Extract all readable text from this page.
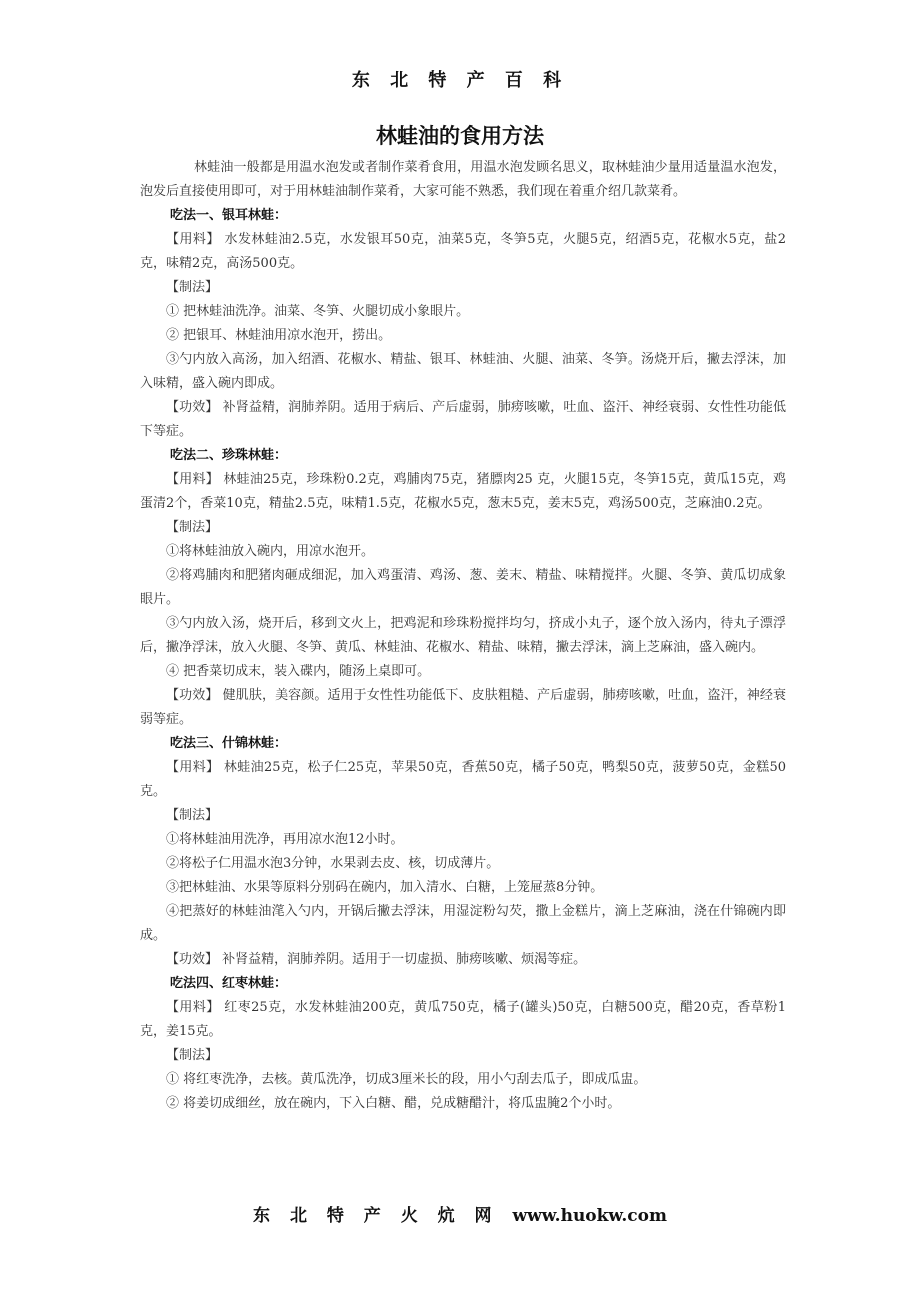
东 北 特 产 百 科
林蛙油的食用方法

林蛙油一般都是用温水泡发或者制作菜肴食用，用温水泡发顾名思义，取林蛙油少量用适量温水泡发，泡发后直接使用即可，对于用林蛙油制作菜肴，大家可能不熟悉，我们现在着重介绍几款菜肴。

吃法一、银耳林蛙：

【用料】 水发林蛙油2.5克，水发银耳50克，油菜5克，冬笋5克，火腿5克，绍酒5克，花椒水5克，盐2克，味精2克，高汤500克。

【制法】

① 把林蛙油洗净。油菜、冬笋、火腿切成小象眼片。

② 把银耳、林蛙油用凉水泡开，捞出。

③勺内放入高汤，加入绍酒、花椒水、精盐、银耳、林蛙油、火腿、油菜、冬笋。汤烧开后，撇去浮沫，加入味精，盛入碗内即成。

【功效】 补肾益精，润肺养阴。适用于病后、产后虚弱，肺痨咳嗽，吐血、盗汗、神经衰弱、女性性功能低下等症。

吃法二、珍珠林蛙：

【用料】 林蛙油25克，珍珠粉0.2克，鸡脯肉75克，猪膘肉25 克，火腿15克，冬笋15克，黄瓜15克，鸡蛋清2个，香菜10克，精盐2.5克，味精1.5克，花椒水5克，葱末5克，姜末5克，鸡汤500克，芝麻油0.2克。

【制法】

①将林蛙油放入碗内，用凉水泡开。

②将鸡脯肉和肥猪肉砸成细泥，加入鸡蛋清、鸡汤、葱、姜末、精盐、味精搅拌。火腿、冬笋、黄瓜切成象眼片。

③勺内放入汤，烧开后，移到文火上，把鸡泥和珍珠粉搅拌均匀，挤成小丸子，逐个放入汤内，待丸子漂浮后，撇净浮沫，放入火腿、冬笋、黄瓜、林蛙油、花椒水、精盐、味精，撇去浮沫，滴上芝麻油，盛入碗内。

④ 把香菜切成末，装入碟内，随汤上桌即可。

【功效】 健肌肤，美容颜。适用于女性性功能低下、皮肤粗糙、产后虚弱，肺痨咳嗽，吐血，盗汗，神经衰弱等症。

吃法三、什锦林蛙：

【用料】 林蛙油25克，松子仁25克，苹果50克，香蕉50克，橘子50克，鸭梨50克，菠萝50克，金糕50克。

【制法】

①将林蛙油用洗净，再用凉水泡12小时。

②将松子仁用温水泡3分钟，水果剥去皮、核，切成薄片。

③把林蛙油、水果等原料分别码在碗内，加入清水、白糖，上笼屉蒸8分钟。

④把蒸好的林蛙油滗入勺内，开锅后撇去浮沫，用湿淀粉勾芡，撒上金糕片，滴上芝麻油，浇在什锦碗内即成。

【功效】 补肾益精，润肺养阴。适用于一切虚损、肺痨咳嗽、烦渴等症。

吃法四、红枣林蛙：

【用料】 红枣25克，水发林蛙油200克，黄瓜750克，橘子(罐头)50克，白糖500克，醋20克，香草粉1克，姜15克。

【制法】

① 将红枣洗净，去核。黄瓜洗净，切成3厘米长的段，用小勺刮去瓜子，即成瓜盅。

② 将姜切成细丝，放在碗内，下入白糖、醋，兑成糖醋汁，将瓜盅腌2个小时。

东 北 特 产 火 炕 网 www.huokw.com
